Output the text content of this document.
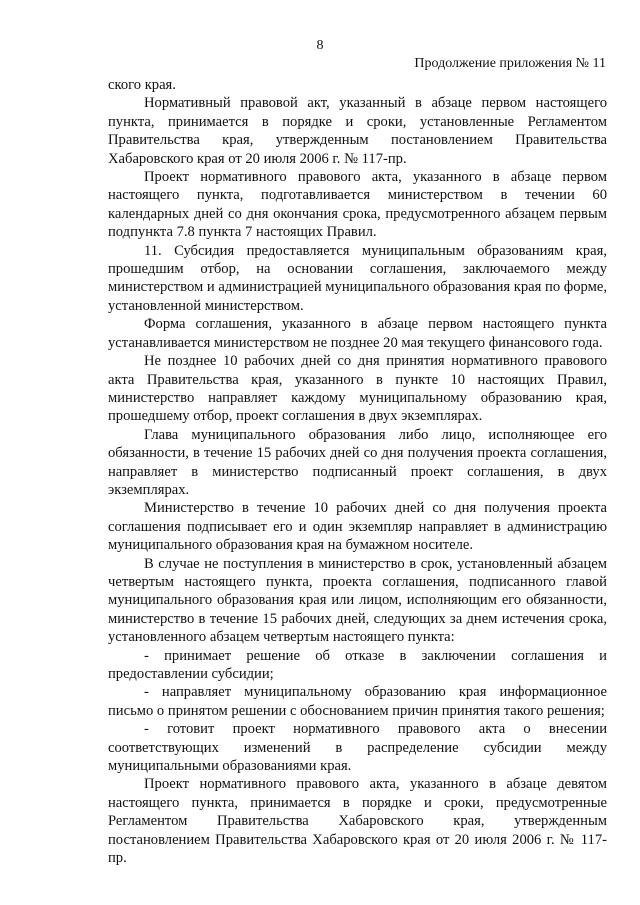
8
Продолжение приложения № 11

ского края.

Нормативный правовой акт, указанный в абзаце первом настоящего пункта, принимается в порядке и сроки, установленные Регламентом Правительства края, утвержденным постановлением Правительства Хабаровского края от 20 июля 2006 г. № 117-пр.

Проект нормативного правового акта, указанного в абзаце первом настоящего пункта, подготавливается министерством в течении 60 календарных дней со дня окончания срока, предусмотренного абзацем первым подпункта 7.8 пункта 7 настоящих Правил.

11. Субсидия предоставляется муниципальным образованиям края, прошедшим отбор, на основании соглашения, заключаемого между министерством и администрацией муниципального образования края по форме, установленной министерством.

Форма соглашения, указанного в абзаце первом настоящего пункта устанавливается министерством не позднее 20 мая текущего финансового года.

Не позднее 10 рабочих дней со дня принятия нормативного правового акта Правительства края, указанного в пункте 10 настоящих Правил, министерство направляет каждому муниципальному образованию края, прошедшему отбор, проект соглашения в двух экземплярах.

Глава муниципального образования либо лицо, исполняющее его обязанности, в течение 15 рабочих дней со дня получения проекта соглашения, направляет в министерство подписанный проект соглашения, в двух экземплярах.

Министерство в течение 10 рабочих дней со дня получения проекта соглашения подписывает его и один экземпляр направляет в администрацию муниципального образования края на бумажном носителе.

В случае не поступления в министерство в срок, установленный абзацем четвертым настоящего пункта, проекта соглашения, подписанного главой муниципального образования края или лицом, исполняющим его обязанности, министерство в течение 15 рабочих дней, следующих за днем истечения срока, установленного абзацем четвертым настоящего пункта:

- принимает решение об отказе в заключении соглашения и предоставлении субсидии;

- направляет муниципальному образованию края информационное письмо о принятом решении с обоснованием причин принятия такого решения;

- готовит проект нормативного правового акта о внесении соответствующих изменений в распределение субсидии между муниципальными образованиями края.

Проект нормативного правового акта, указанного в абзаце девятом настоящего пункта, принимается в порядке и сроки, предусмотренные Регламентом Правительства Хабаровского края, утвержденным постановлением Правительства Хабаровского края от 20 июля 2006 г. № 117-пр.
